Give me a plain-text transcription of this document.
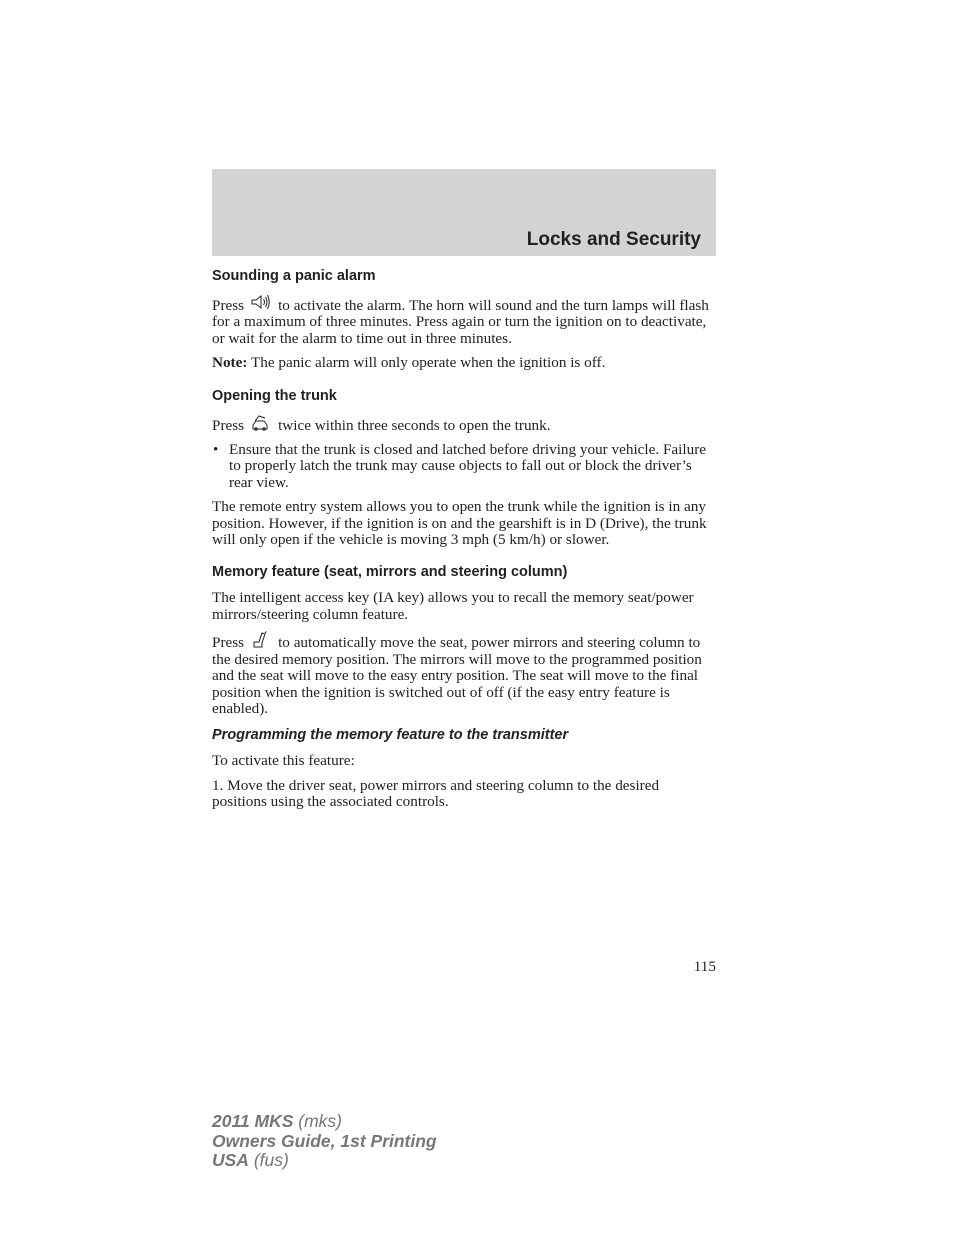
Locks and Security
Sounding a panic alarm

Press to activate the alarm. The horn will sound and the turn lamps will flash for a maximum of three minutes. Press again or turn the ignition on to deactivate, or wait for the alarm to time out in three minutes.

Note: The panic alarm will only operate when the ignition is off.

Opening the trunk

Press twice within three seconds to open the trunk.

• Ensure that the trunk is closed and latched before driving your vehicle. Failure to properly latch the trunk may cause objects to fall out or block the driver’s rear view.

The remote entry system allows you to open the trunk while the ignition is in any position. However, if the ignition is on and the gearshift is in D (Drive), the trunk will only open if the vehicle is moving 3 mph (5 km/h) or slower.

Memory feature (seat, mirrors and steering column)

The intelligent access key (IA key) allows you to recall the memory seat/power mirrors/steering column feature.

Press to automatically move the seat, power mirrors and steering column to the desired memory position. The mirrors will move to the programmed position and the seat will move to the easy entry position. The seat will move to the final position when the ignition is switched out of off (if the easy entry feature is enabled).

Programming the memory feature to the transmitter

To activate this feature:

1. Move the driver seat, power mirrors and steering column to the desired positions using the associated controls.

115

2011 MKS (mks)
Owners Guide, 1st Printing
USA (fus)
